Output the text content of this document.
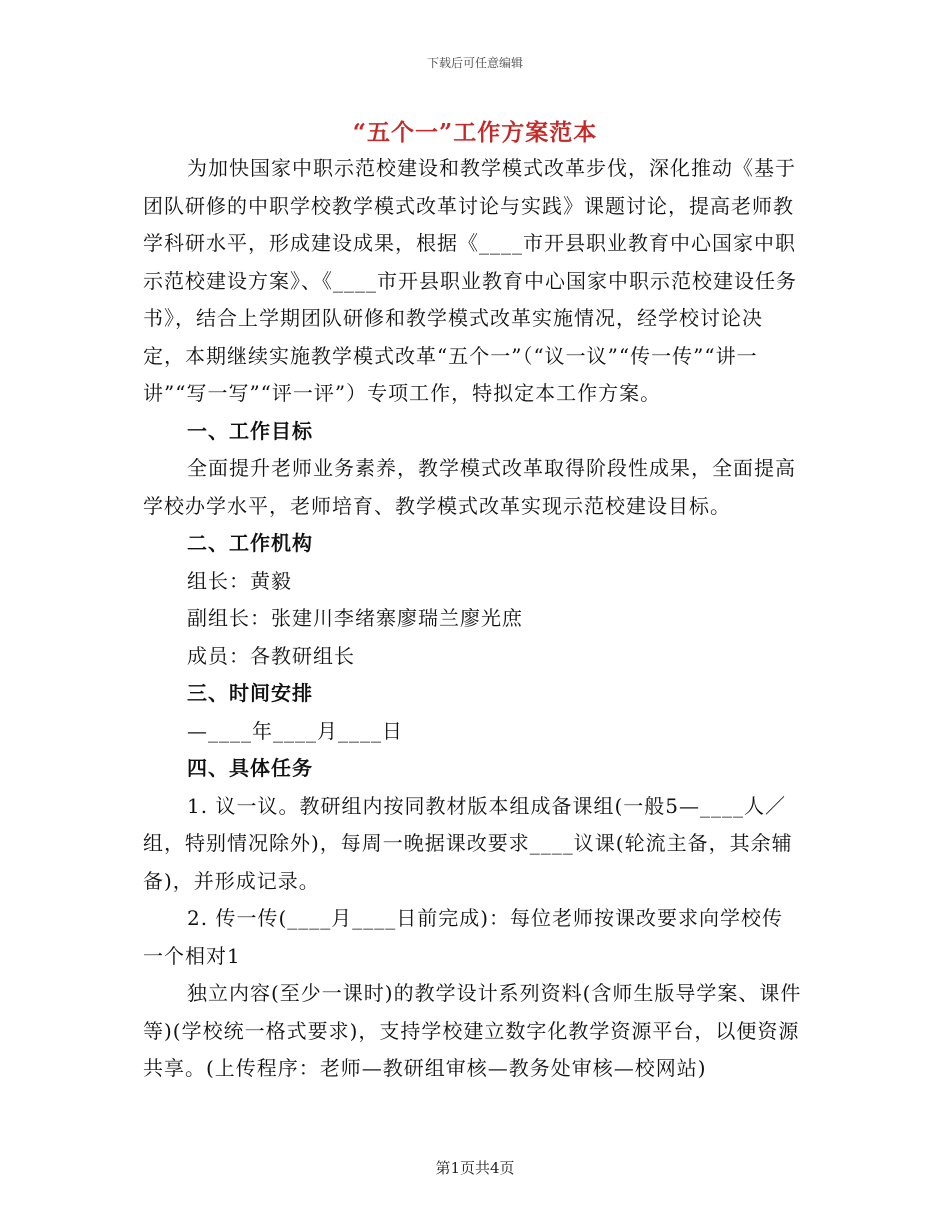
下载后可任意编辑
“五个一”工作方案范本

为加快国家中职示范校建设和教学模式改革步伐，深化推动《基于团队研修的中职学校教学模式改革讨论与实践》课题讨论，提高老师教学科研水平，形成建设成果，根据《____市开县职业教育中心国家中职示范校建设方案》、《____市开县职业教育中心国家中职示范校建设任务书》，结合上学期团队研修和教学模式改革实施情况，经学校讨论决定，本期继续实施教学模式改革“五个一”（“议一议”“传一传”“讲一讲”“写一写”“评一评”）专项工作，特拟定本工作方案。

一、工作目标

全面提升老师业务素养，教学模式改革取得阶段性成果，全面提高学校办学水平，老师培育、教学模式改革实现示范校建设目标。

二、工作机构

组长：黄毅

副组长：张建川李绪寨廖瑞兰廖光庶

成员：各教研组长

三、时间安排

—____年____月____日

四、具体任务

1. 议一议。教研组内按同教材版本组成备课组(一般5—____人／组，特别情况除外)，每周一晚据课改要求____议课(轮流主备，其余辅备)，并形成记录。

2. 传一传(____月____日前完成)：每位老师按课改要求向学校传一个相对1

独立内容(至少一课时)的教学设计系列资料(含师生版导学案、课件等)(学校统一格式要求)，支持学校建立数字化教学资源平台，以便资源共享。(上传程序：老师—教研组审核—教务处审核—校网站)

第1页共4页
